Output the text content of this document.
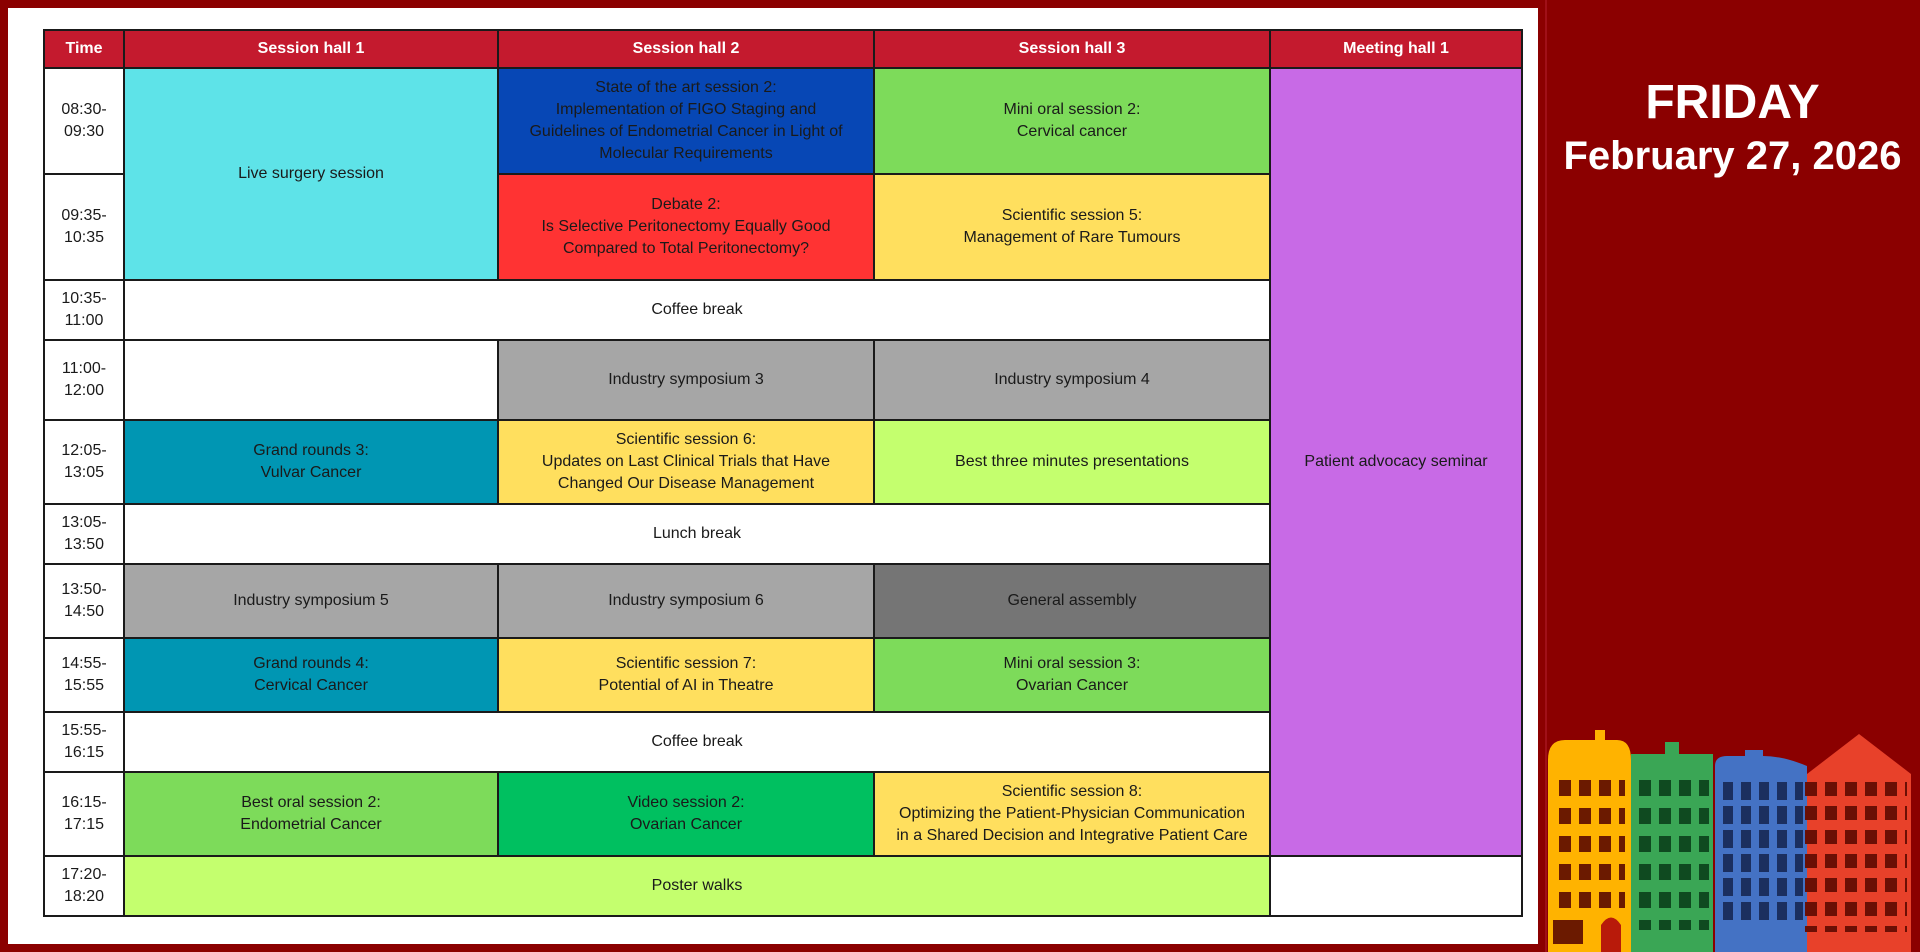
Time	Session hall 1	Session hall 2	Session hall 3	Meeting hall 1
08:30-
09:30	Live surgery session	State of the art session 2:
Implementation of FIGO Staging and
Guidelines of Endometrial Cancer in Light of
Molecular Requirements	Mini oral session 2:
Cervical cancer	Patient advocacy seminar
09:35-
10:35		Debate 2:
Is Selective Peritonectomy Equally Good
Compared to Total Peritonectomy?	Scientific session 5:
Management of Rare Tumours	
10:35-
11:00	Coffee break			
11:00-
12:00		Industry symposium 3	Industry symposium 4	
12:05-
13:05	Grand rounds 3:
Vulvar Cancer	Scientific session 6:
Updates on Last Clinical Trials that Have
Changed Our Disease Management	Best three minutes presentations	
13:05-
13:50	Lunch break			
13:50-
14:50	Industry symposium 5	Industry symposium 6	General assembly	
14:55-
15:55	Grand rounds 4:
Cervical Cancer	Scientific session 7:
Potential of AI in Theatre	Mini oral session 3:
Ovarian Cancer	
15:55-
16:15	Coffee break			
16:15-
17:15	Best oral session 2:
Endometrial Cancer	Video session 2:
Ovarian Cancer	Scientific session 8:
Optimizing the Patient-Physician Communication
in a Shared Decision and Integrative Patient Care	
17:20-
18:20	Poster walks			
FRIDAY
February 27, 2026
